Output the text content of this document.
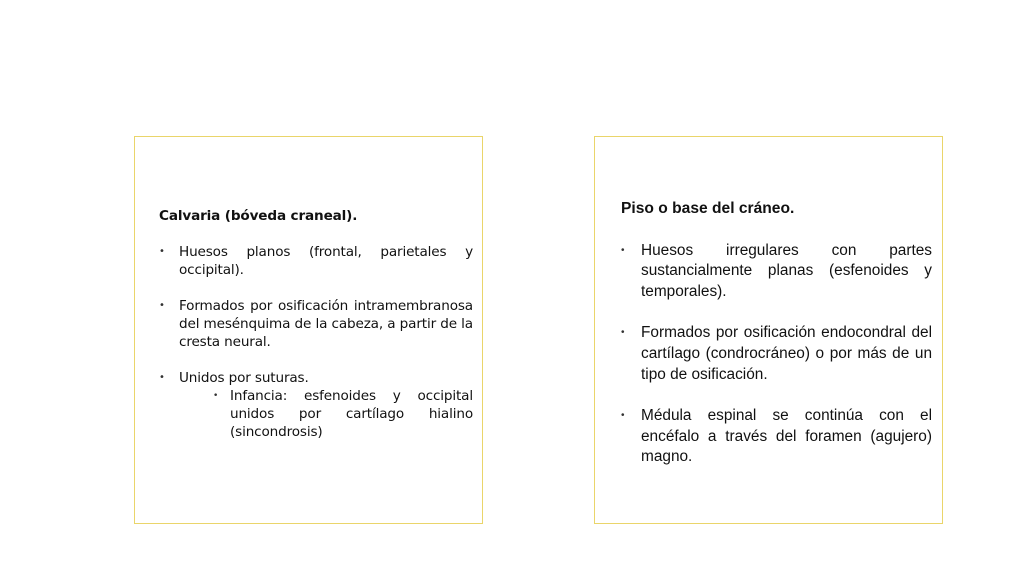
Calvaria (bóveda craneal).
• Huesos planos (frontal, parietales y occipital).
• Formados por osificación intramembranosa del mesénquima de la cabeza, a partir de la cresta neural.
• Unidos por suturas.
• Infancia: esfenoides y occipital unidos por cartílago hialino (sincondrosis)
Piso o base del cráneo.
• Huesos irregulares con partes sustancialmente planas (esfenoides y temporales).
• Formados por osificación endocondral del cartílago (condrocráneo) o por más de un tipo de osificación.
• Médula espinal se continúa con el encéfalo a través del foramen (agujero) magno.
